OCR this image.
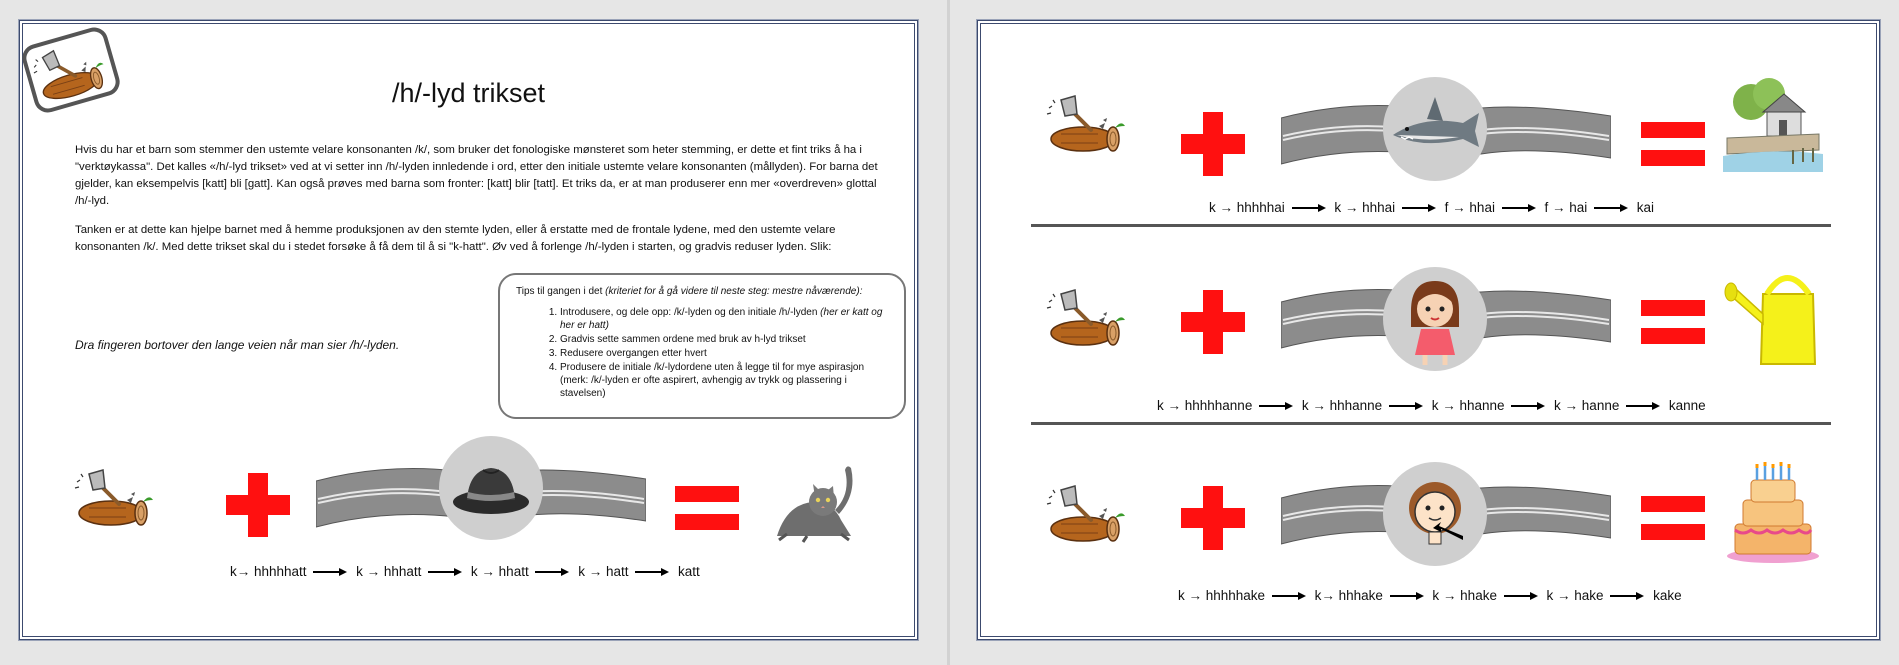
/h/-lyd trikset
Hvis du har et barn som stemmer den ustemte velare konsonanten /k/, som bruker det fonologiske mønsteret som heter stemming, er dette et fint triks å ha i "verktøykassa". Det kalles «/h/-lyd trikset» ved at vi setter inn /h/-lyden innledende i ord, etter den initiale ustemte velare konsonanten (mållyden). For barna det gjelder, kan eksempelvis [katt] bli [gatt]. Kan også prøves med barna som fronter: [katt] blir [tatt]. Et triks da, er at man produserer enn mer «overdreven» glottal /h/-lyd.
Tanken er at dette kan hjelpe barnet med å hemme produksjonen av den stemte lyden, eller å erstatte med de frontale lydene, med den ustemte velare konsonanten /k/. Med dette trikset skal du i stedet forsøke å få dem til å si "k-hatt". Øv ved å forlenge /h/-lyden i starten, og gradvis reduser lyden. Slik:
Tips til gangen i det (kriteriet for å gå videre til neste steg: mestre nåværende):
1. Introdusere, og dele opp: /k/-lyden og den initiale /h/-lyden (her er katt og her er hatt)
2. Gradvis sette sammen ordene med bruk av h-lyd trikset
3. Redusere overgangen etter hvert
4. Produsere de initiale /k/-lydordene uten å legge til for mye aspirasjon (merk: /k/-lyden er ofte aspirert, avhengig av trykk og plassering i stavelsen)
Dra fingeren bortover den lange veien når man sier /h/-lyden.
k→ hhhhhatt	k → hhhatt	k → hhatt	k → hatt	katt
k → hhhhhai	k → hhhai	f → hhai	f → hai	kai
k → hhhhhanne	k → hhhanne	k → hhanne	k → hanne	kanne
k → hhhhhake	k→ hhhake	k → hhake	k → hake	kake
